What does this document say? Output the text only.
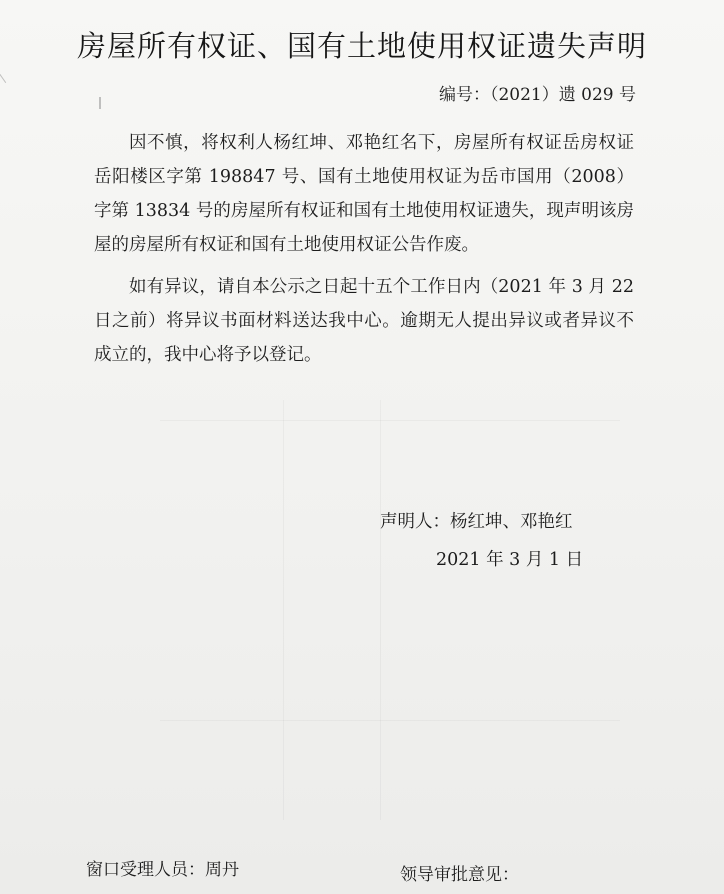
房屋所有权证、国有土地使用权证遗失声明
编号：（2021）遗 029 号

因不慎，将权利人杨红坤、邓艳红名下，房屋所有权证岳房权证岳阳楼区字第 198847 号、国有土地使用权证为岳市国用（2008）字第 13834 号的房屋所有权证和国有土地使用权证遗失，现声明该房屋的房屋所有权证和国有土地使用权证公告作废。

如有异议，请自本公示之日起十五个工作日内（2021 年 3 月 22 日之前）将异议书面材料送达我中心。逾期无人提出异议或者异议不成立的，我中心将予以登记。

声明人：杨红坤、邓艳红
2021 年 3 月 1 日
窗口受理人员：周丹	领导审批意见：
